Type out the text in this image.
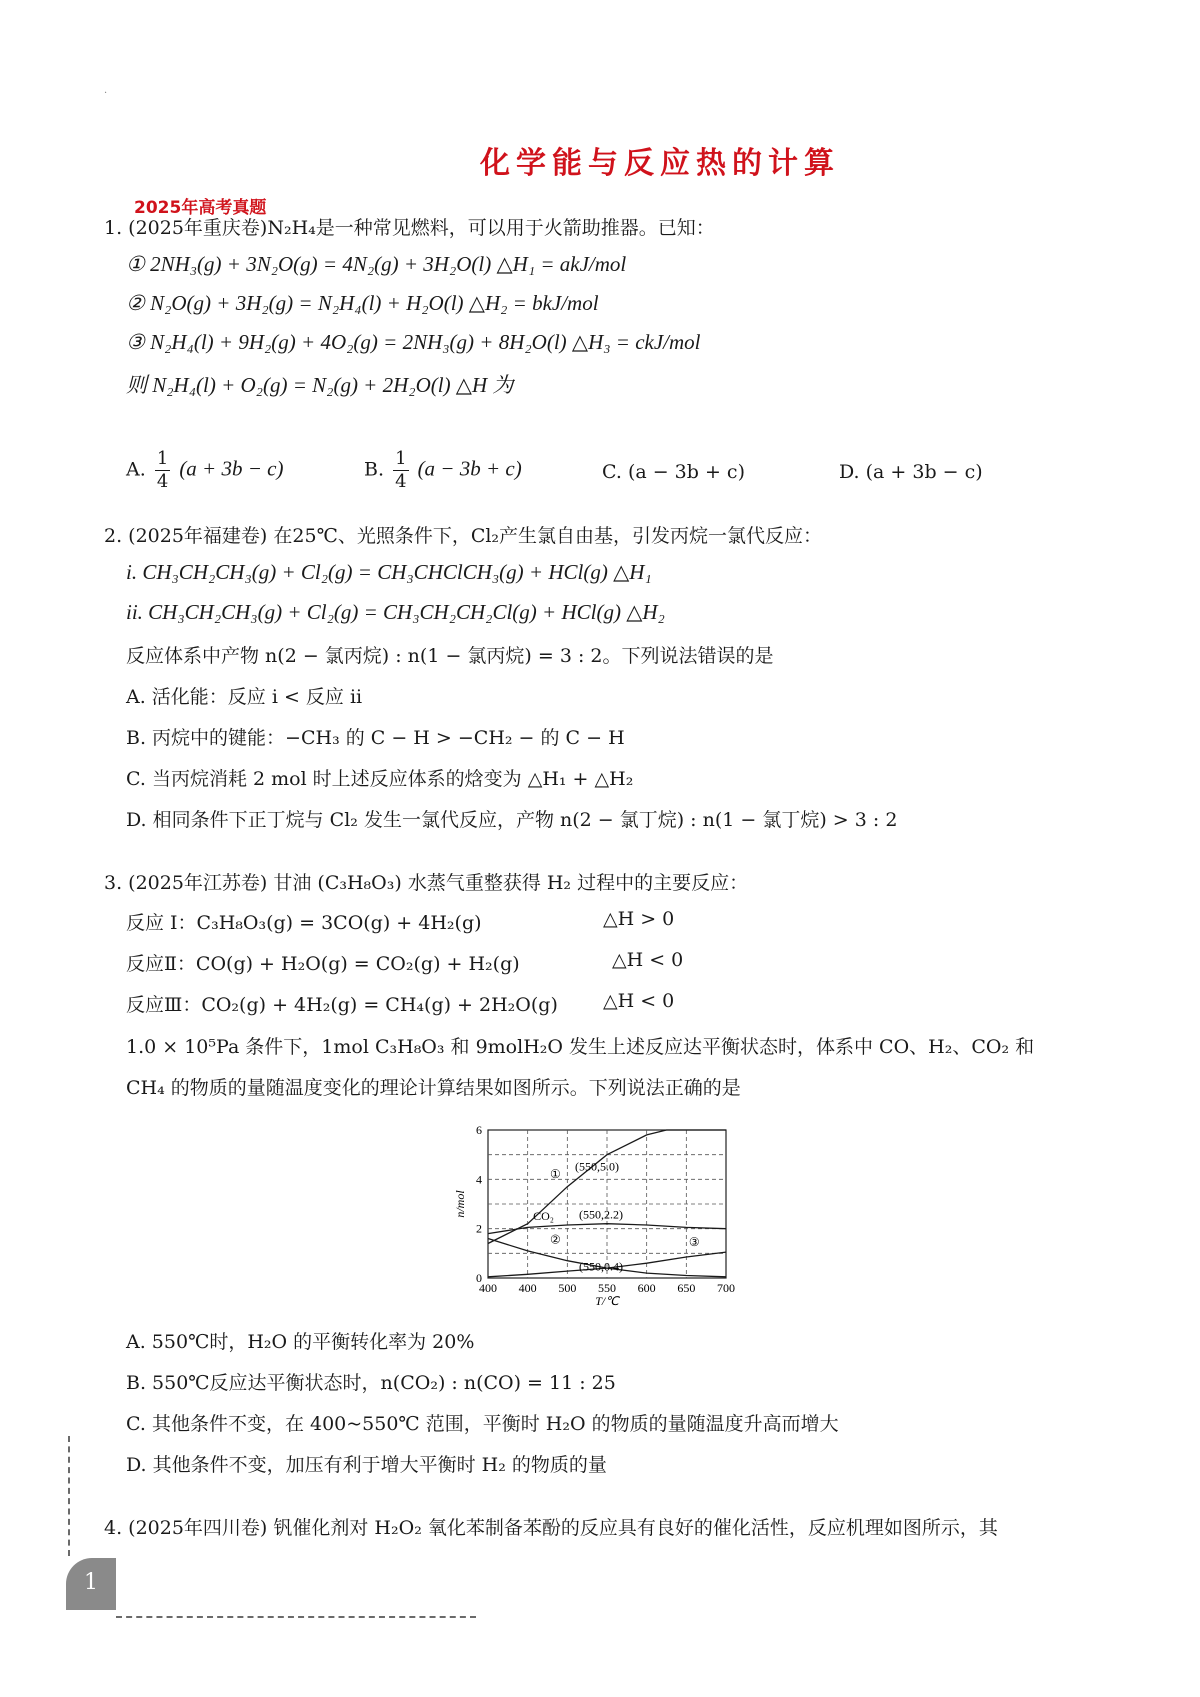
·
化学能与反应热的计算
2025年高考真题
1. (2025年重庆卷)N₂H₄是一种常见燃料，可以用于火箭助推器。已知：
① 2NH₃(g) + 3N₂O(g) = 4N₂(g) + 3H₂O(l) △H₁ = akJ/mol
② N₂O(g) + 3H₂(g) = N₂H₄(l) + H₂O(l) △H₂ = bkJ/mol
③ N₂H₄(l) + 9H₂(g) + 4O₂(g) = 2NH₃(g) + 8H₂O(l) △H₃ = ckJ/mol
则 N₂H₄(l) + O₂(g) = N₂(g) + 2H₂O(l) △H 为
A. $\frac{1}{4} (a + 3b - c)$	B. $\frac{1}{4} (a - 3b + c)$	C. (a − 3b + c)	D. (a + 3b − c)
2. (2025年福建卷) 在25℃、光照条件下，Cl₂产生氯自由基，引发丙烷一氯代反应：
i. CH₃CH₂CH₃(g) + Cl₂(g) = CH₃CHClCH₃(g) + HCl(g) △H₁
ii. CH₃CH₂CH₃(g) + Cl₂(g) = CH₃CH₂CH₂Cl(g) + HCl(g) △H₂
反应体系中产物 n(2 − 氯丙烷) : n(1 − 氯丙烷) = 3 : 2。下列说法错误的是
A. 活化能：反应 i < 反应 ii
B. 丙烷中的键能：−CH₃ 的 C − H > −CH₂ − 的 C − H
C. 当丙烷消耗 2 mol 时上述反应体系的焓变为 △H₁ + △H₂
D. 相同条件下正丁烷与 Cl₂ 发生一氯代反应，产物 n(2 − 氯丁烷) : n(1 − 氯丁烷) > 3 : 2
3. (2025年江苏卷) 甘油 (C₃H₈O₃) 水蒸气重整获得 H₂ 过程中的主要反应：
反应 Ⅰ：C₃H₈O₃(g) = 3CO(g) + 4H₂(g)	△H > 0
反应Ⅱ：CO(g) + H₂O(g) = CO₂(g) + H₂(g)	△H < 0
反应Ⅲ：CO₂(g) + 4H₂(g) = CH₄(g) + 2H₂O(g) △H < 0
1.0 × 10⁵Pa 条件下，1mol C₃H₈O₃ 和 9molH₂O 发生上述反应达平衡状态时，体系中 CO、H₂、CO₂ 和
CH₄ 的物质的量随温度变化的理论计算结果如图所示。下列说法正确的是
400 400 500 550 600 650 700
0
2
4
6
T/℃
n/mol
(550,5.0)
CO₂ (550,2.2)
(550,0.4)
①
②	③
A. 550℃时，H₂O 的平衡转化率为 20%
B. 550℃反应达平衡状态时，n(CO₂) : n(CO) = 11 : 25
C. 其他条件不变，在 400~550℃ 范围，平衡时 H₂O 的物质的量随温度升高而增大
D. 其他条件不变，加压有利于增大平衡时 H₂ 的物质的量
4. (2025年四川卷) 钒催化剂对 H₂O₂ 氧化苯制备苯酚的反应具有良好的催化活性，反应机理如图所示，其
1
